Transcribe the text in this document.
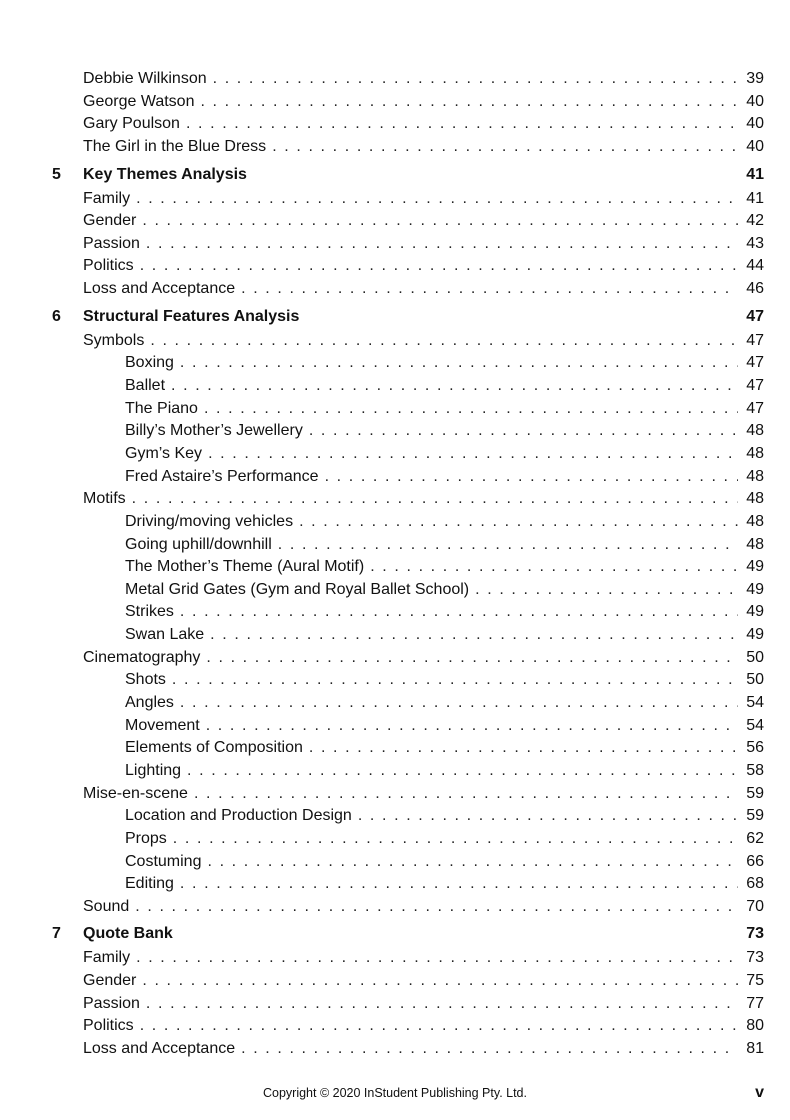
Debbie Wilkinson . . .	39
George Watson . . .	40
Gary Poulson . . .	40
The Girl in the Blue Dress . . .	40
5	Key Themes Analysis	41
Family . . .	41
Gender . . .	42
Passion . . .	43
Politics . . .	44
Loss and Acceptance . . .	46
6	Structural Features Analysis	47
Symbols . . .	47
Boxing . . .	47
Ballet . . .	47
The Piano . . .	47
Billy’s Mother’s Jewellery . . .	48
Gym’s Key . . .	48
Fred Astaire’s Performance . . .	48
Motifs . . .	48
Driving/moving vehicles . . .	48
Going uphill/downhill . . .	48
The Mother’s Theme (Aural Motif) . . .	49
Metal Grid Gates (Gym and Royal Ballet School) . . .	49
Strikes . . .	49
Swan Lake . . .	49
Cinematography . . .	50
Shots . . .	50
Angles . . .	54
Movement . . .	54
Elements of Composition . . .	56
Lighting . . .	58
Mise-en-scene . . .	59
Location and Production Design . . .	59
Props . . .	62
Costuming . . .	66
Editing . . .	68
Sound . . .	70
7	Quote Bank	73
Family . . .	73
Gender . . .	75
Passion . . .	77
Politics . . .	80
Loss and Acceptance . . .	81
Copyright © 2020 InStudent Publishing Pty. Ltd.	v
